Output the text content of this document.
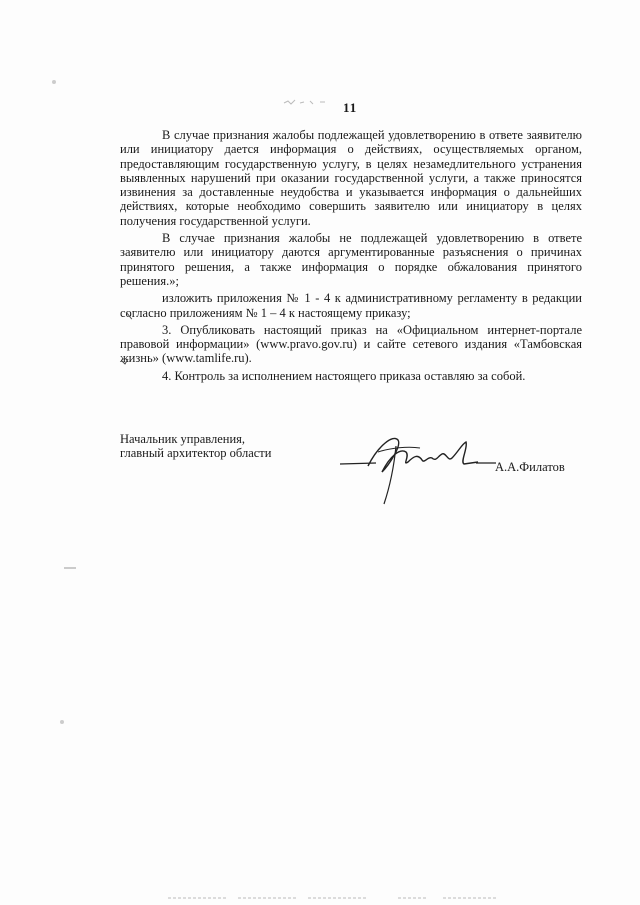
11

В случае признания жалобы подлежащей удовлетворению в ответе заявителю или инициатору дается информация о действиях, осуществляемых органом, предоставляющим государственную услугу, в целях незамедлительного устранения выявленных нарушений при оказании государственной услуги, а также приносятся извинения за доставленные неудобства и указывается информация о дальнейших действиях, которые необходимо совершить заявителю или инициатору в целях получения государственной услуги.

В случае признания жалобы не подлежащей удовлетворению в ответе заявителю или инициатору даются аргументированные разъяснения о причинах принятого решения, а также информация о порядке обжалования принятого решения.»;

изложить приложения № 1 - 4 к административному регламенту в редакции согласно приложениям № 1 – 4 к настоящему приказу;

3. Опубликовать настоящий приказ на «Официальном интернет-портале правовой информации» (www.pravo.gov.ru) и сайте сетевого издания «Тамбовская жизнь» (www.tamlife.ru).

4. Контроль за исполнением настоящего приказа оставляю за собой.

Начальник управления,
главный архитектор области
А.А.Филатов
